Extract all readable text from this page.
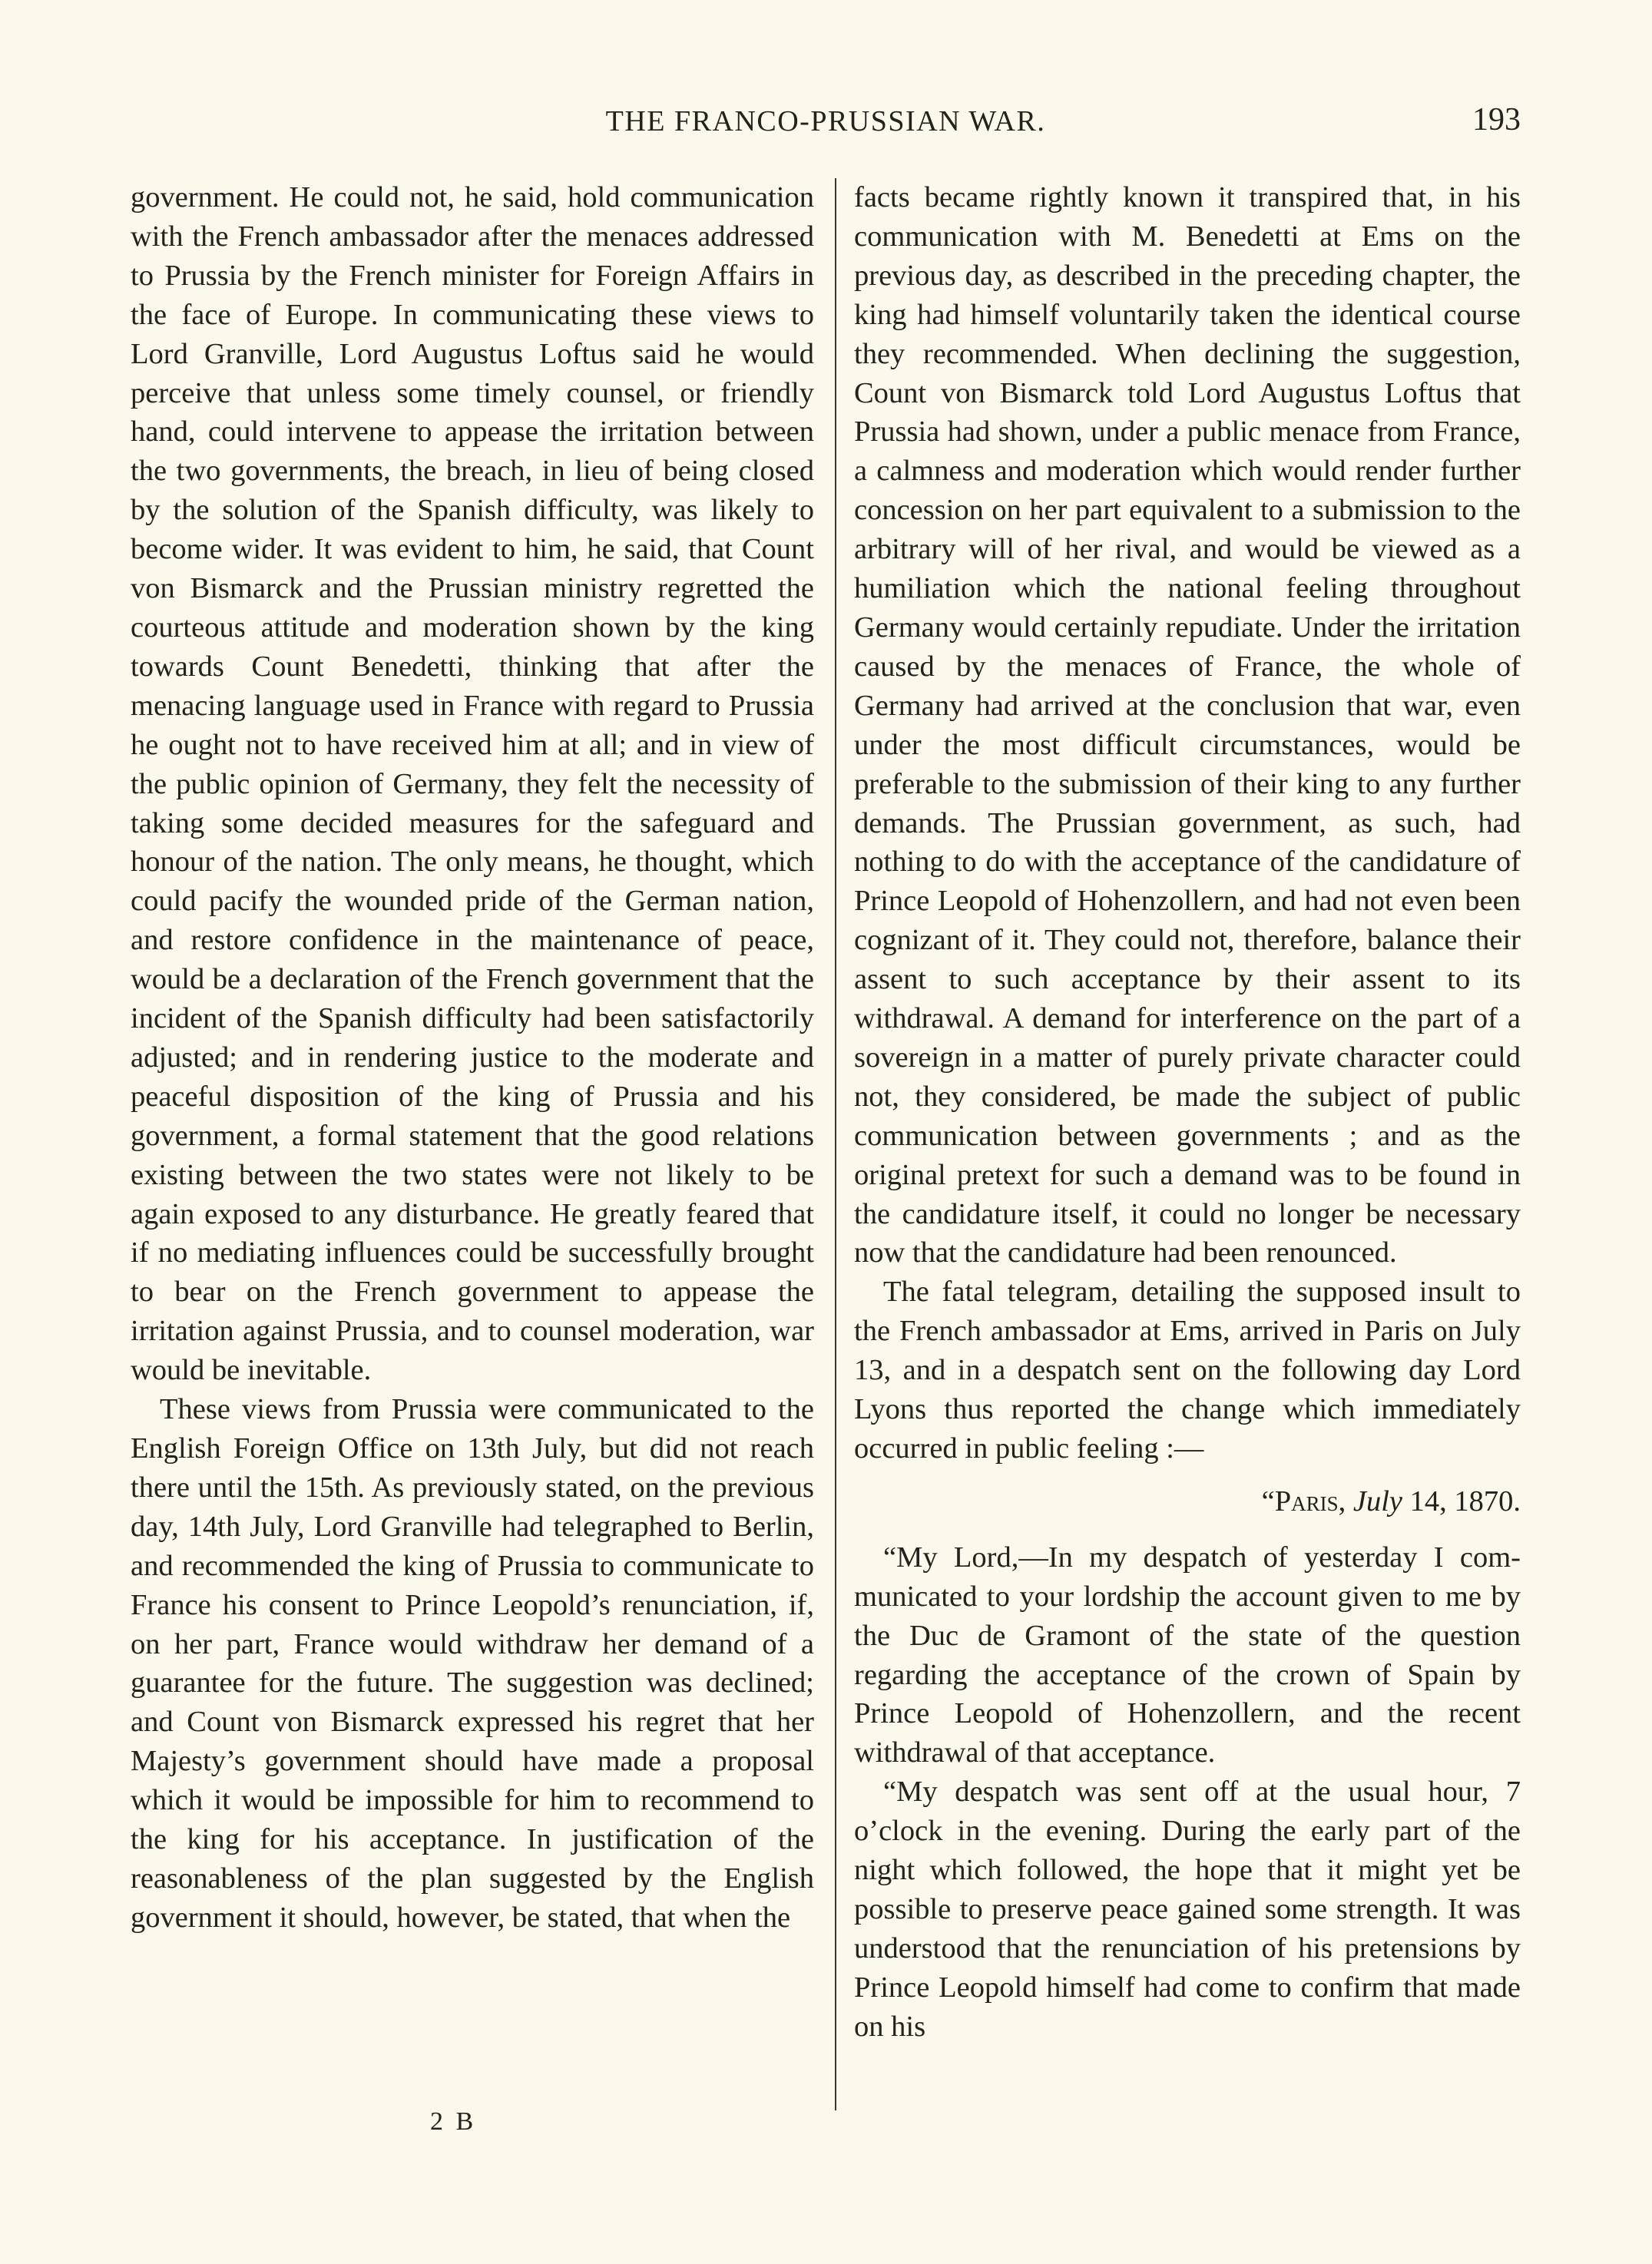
THE FRANCO-PRUSSIAN WAR.	193

government. He could not, he said, hold communication with the French ambassador after the menaces addressed to Prussia by the French minister for Foreign Affairs in the face of Europe. In communicating these views to Lord Granville, Lord Augustus Loftus said he would perceive that unless some timely counsel, or friendly hand, could intervene to appease the irritation between the two governments, the breach, in lieu of being closed by the solution of the Spanish difficulty, was likely to become wider. It was evident to him, he said, that Count von Bismarck and the Prussian ministry regretted the courteous attitude and moderation shown by the king towards Count Benedetti, thinking that after the menacing language used in France with regard to Prussia he ought not to have received him at all; and in view of the public opinion of Germany, they felt the necessity of taking some decided measures for the safeguard and honour of the nation. The only means, he thought, which could pacify the wounded pride of the German nation, and restore confidence in the maintenance of peace, would be a declaration of the French government that the incident of the Spanish difficulty had been satisfactorily adjusted; and in rendering justice to the moderate and peaceful disposition of the king of Prussia and his government, a formal statement that the good relations existing between the two states were not likely to be again exposed to any disturbance. He greatly feared that if no mediating influences could be successfully brought to bear on the French government to appease the irritation against Prussia, and to counsel moderation, war would be inevitable.

These views from Prussia were communicated to the English Foreign Office on 13th July, but did not reach there until the 15th. As previously stated, on the previous day, 14th July, Lord Granville had telegraphed to Berlin, and recommended the king of Prussia to communicate to France his consent to Prince Leopold’s renunciation, if, on her part, France would withdraw her demand of a guarantee for the future. The suggestion was declined; and Count von Bismarck expressed his regret that her Majesty’s government should have made a proposal which it would be impossible for him to recommend to the king for his acceptance. In justification of the reasonableness of the plan suggested by the English government it should, however, be stated, that when the

facts became rightly known it transpired that, in his communication with M. Benedetti at Ems on the previous day, as described in the preceding chapter, the king had himself voluntarily taken the identical course they recommended. When declining the suggestion, Count von Bismarck told Lord Augustus Loftus that Prussia had shown, under a public menace from France, a calmness and moderation which would render further concession on her part equivalent to a submission to the arbitrary will of her rival, and would be viewed as a humiliation which the national feeling throughout Germany would certainly repudiate. Under the irritation caused by the menaces of France, the whole of Germany had arrived at the conclusion that war, even under the most difficult circumstances, would be preferable to the submission of their king to any further demands. The Prussian government, as such, had nothing to do with the acceptance of the candidature of Prince Leopold of Hohenzollern, and had not even been cognizant of it. They could not, therefore, balance their assent to such acceptance by their assent to its withdrawal. A demand for interference on the part of a sovereign in a matter of purely private character could not, they considered, be made the subject of public communication between governments ; and as the original pretext for such a demand was to be found in the candidature itself, it could no longer be necessary now that the candidature had been renounced.

The fatal telegram, detailing the supposed insult to the French ambassador at Ems, arrived in Paris on July 13, and in a despatch sent on the following day Lord Lyons thus reported the change which immediately occurred in public feeling :—

“Paris, July 14, 1870.

“My Lord,—In my despatch of yesterday I communicated to your lordship the account given to me by the Duc de Gramont of the state of the question regarding the acceptance of the crown of Spain by Prince Leopold of Hohenzollern, and the recent withdrawal of that acceptance.

“My despatch was sent off at the usual hour, 7 o’clock in the evening. During the early part of the night which followed, the hope that it might yet be possible to preserve peace gained some strength. It was understood that the renunciation of his pretensions by Prince Leopold himself had come to confirm that made on his

2 B
